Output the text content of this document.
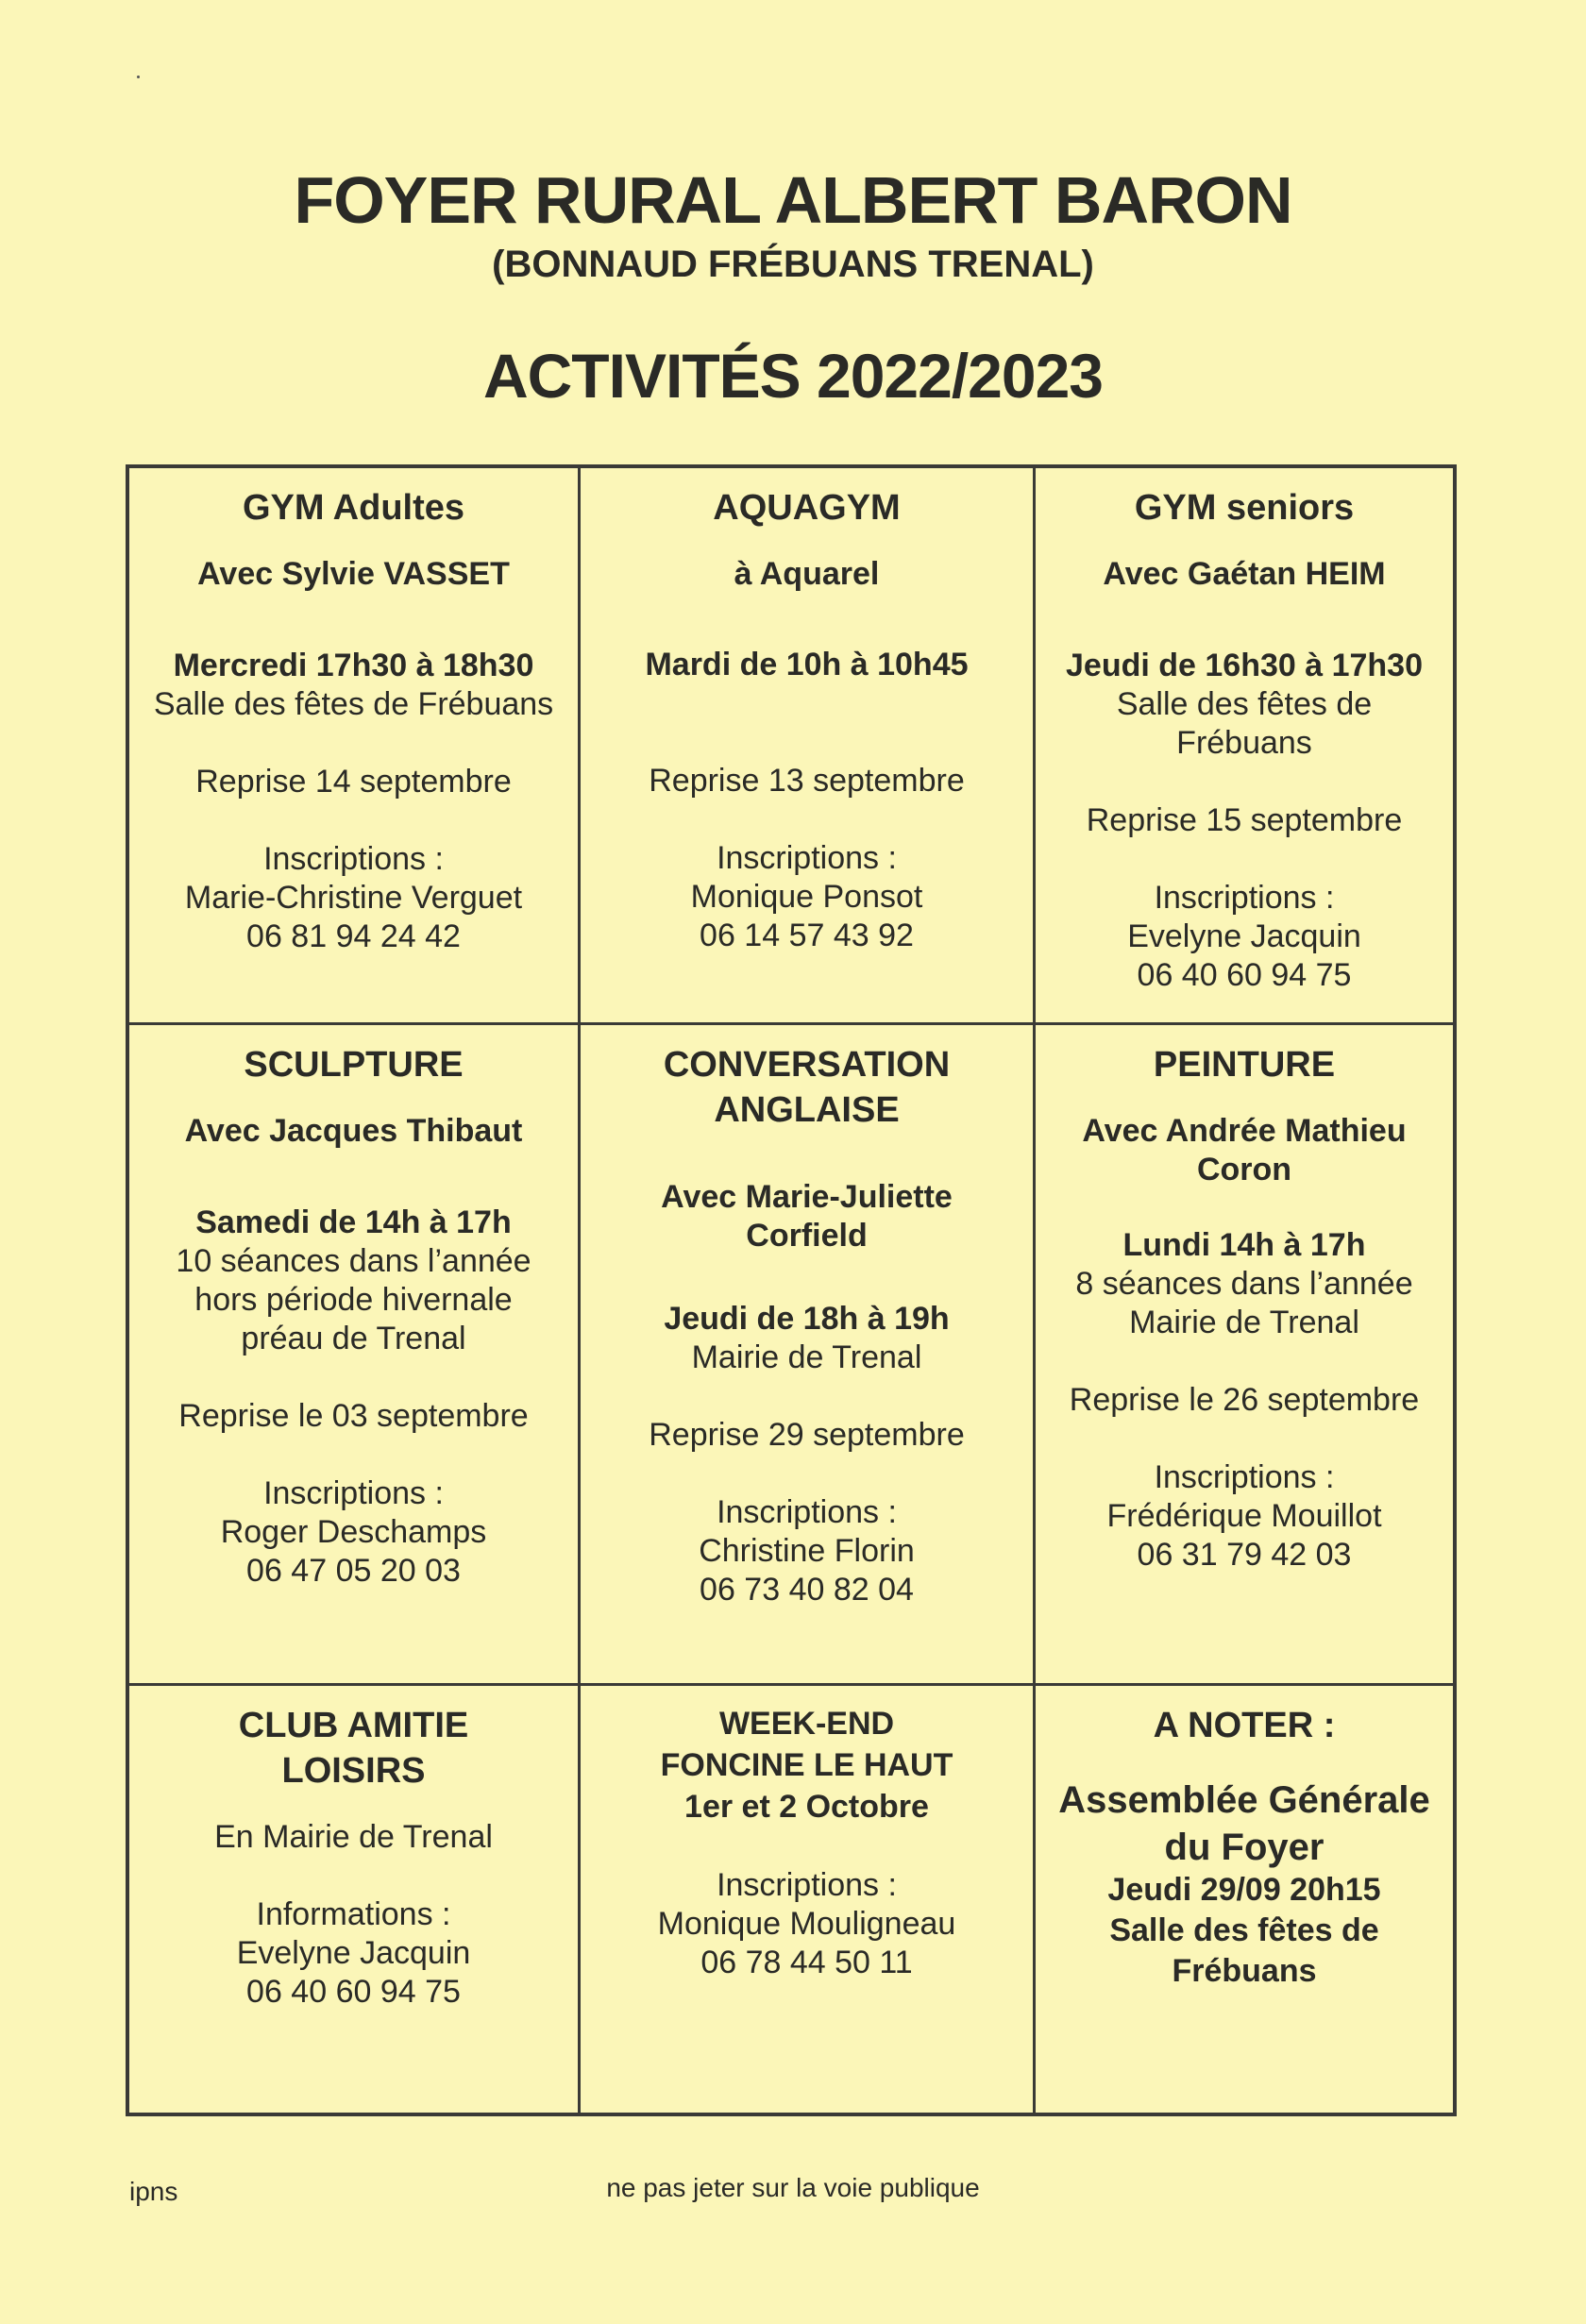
FOYER RURAL ALBERT BARON
(BONNAUD FRÉBUANS TRENAL)
ACTIVITÉS 2022/2023
GYM Adultes
Avec Sylvie VASSET
Mercredi 17h30 à 18h30
Salle des fêtes de Frébuans
Reprise 14 septembre
Inscriptions :
Marie-Christine Verguet
06 81 94 24 42
AQUAGYM
à Aquarel
Mardi de 10h à 10h45
Reprise 13 septembre
Inscriptions :
Monique Ponsot
06 14 57 43 92
GYM seniors
Avec Gaétan HEIM
Jeudi de 16h30 à 17h30
Salle des fêtes de
Frébuans
Reprise 15 septembre
Inscriptions :
Evelyne Jacquin
06 40 60 94 75
SCULPTURE
Avec Jacques Thibaut
Samedi de 14h à 17h
10 séances dans l’année
hors période hivernale
préau de Trenal
Reprise le 03 septembre
Inscriptions :
Roger Deschamps
06 47 05 20 03
CONVERSATION
ANGLAISE
Avec Marie-Juliette
Corfield
Jeudi de 18h à 19h
Mairie de Trenal
Reprise 29 septembre
Inscriptions :
Christine Florin
06 73 40 82 04
PEINTURE
Avec Andrée Mathieu
Coron
Lundi 14h à 17h
8 séances dans l’année
Mairie de Trenal
Reprise le 26 septembre
Inscriptions :
Frédérique Mouillot
06 31 79 42 03
CLUB AMITIE
LOISIRS
En Mairie de Trenal
Informations :
Evelyne Jacquin
06 40 60 94 75
WEEK-END
FONCINE LE HAUT
1er et 2 Octobre
Inscriptions :
Monique Mouligneau
06 78 44 50 11
A NOTER :
Assemblée Générale
du Foyer
Jeudi 29/09 20h15
Salle des fêtes de
Frébuans
ipns	ne pas jeter sur la voie publique
